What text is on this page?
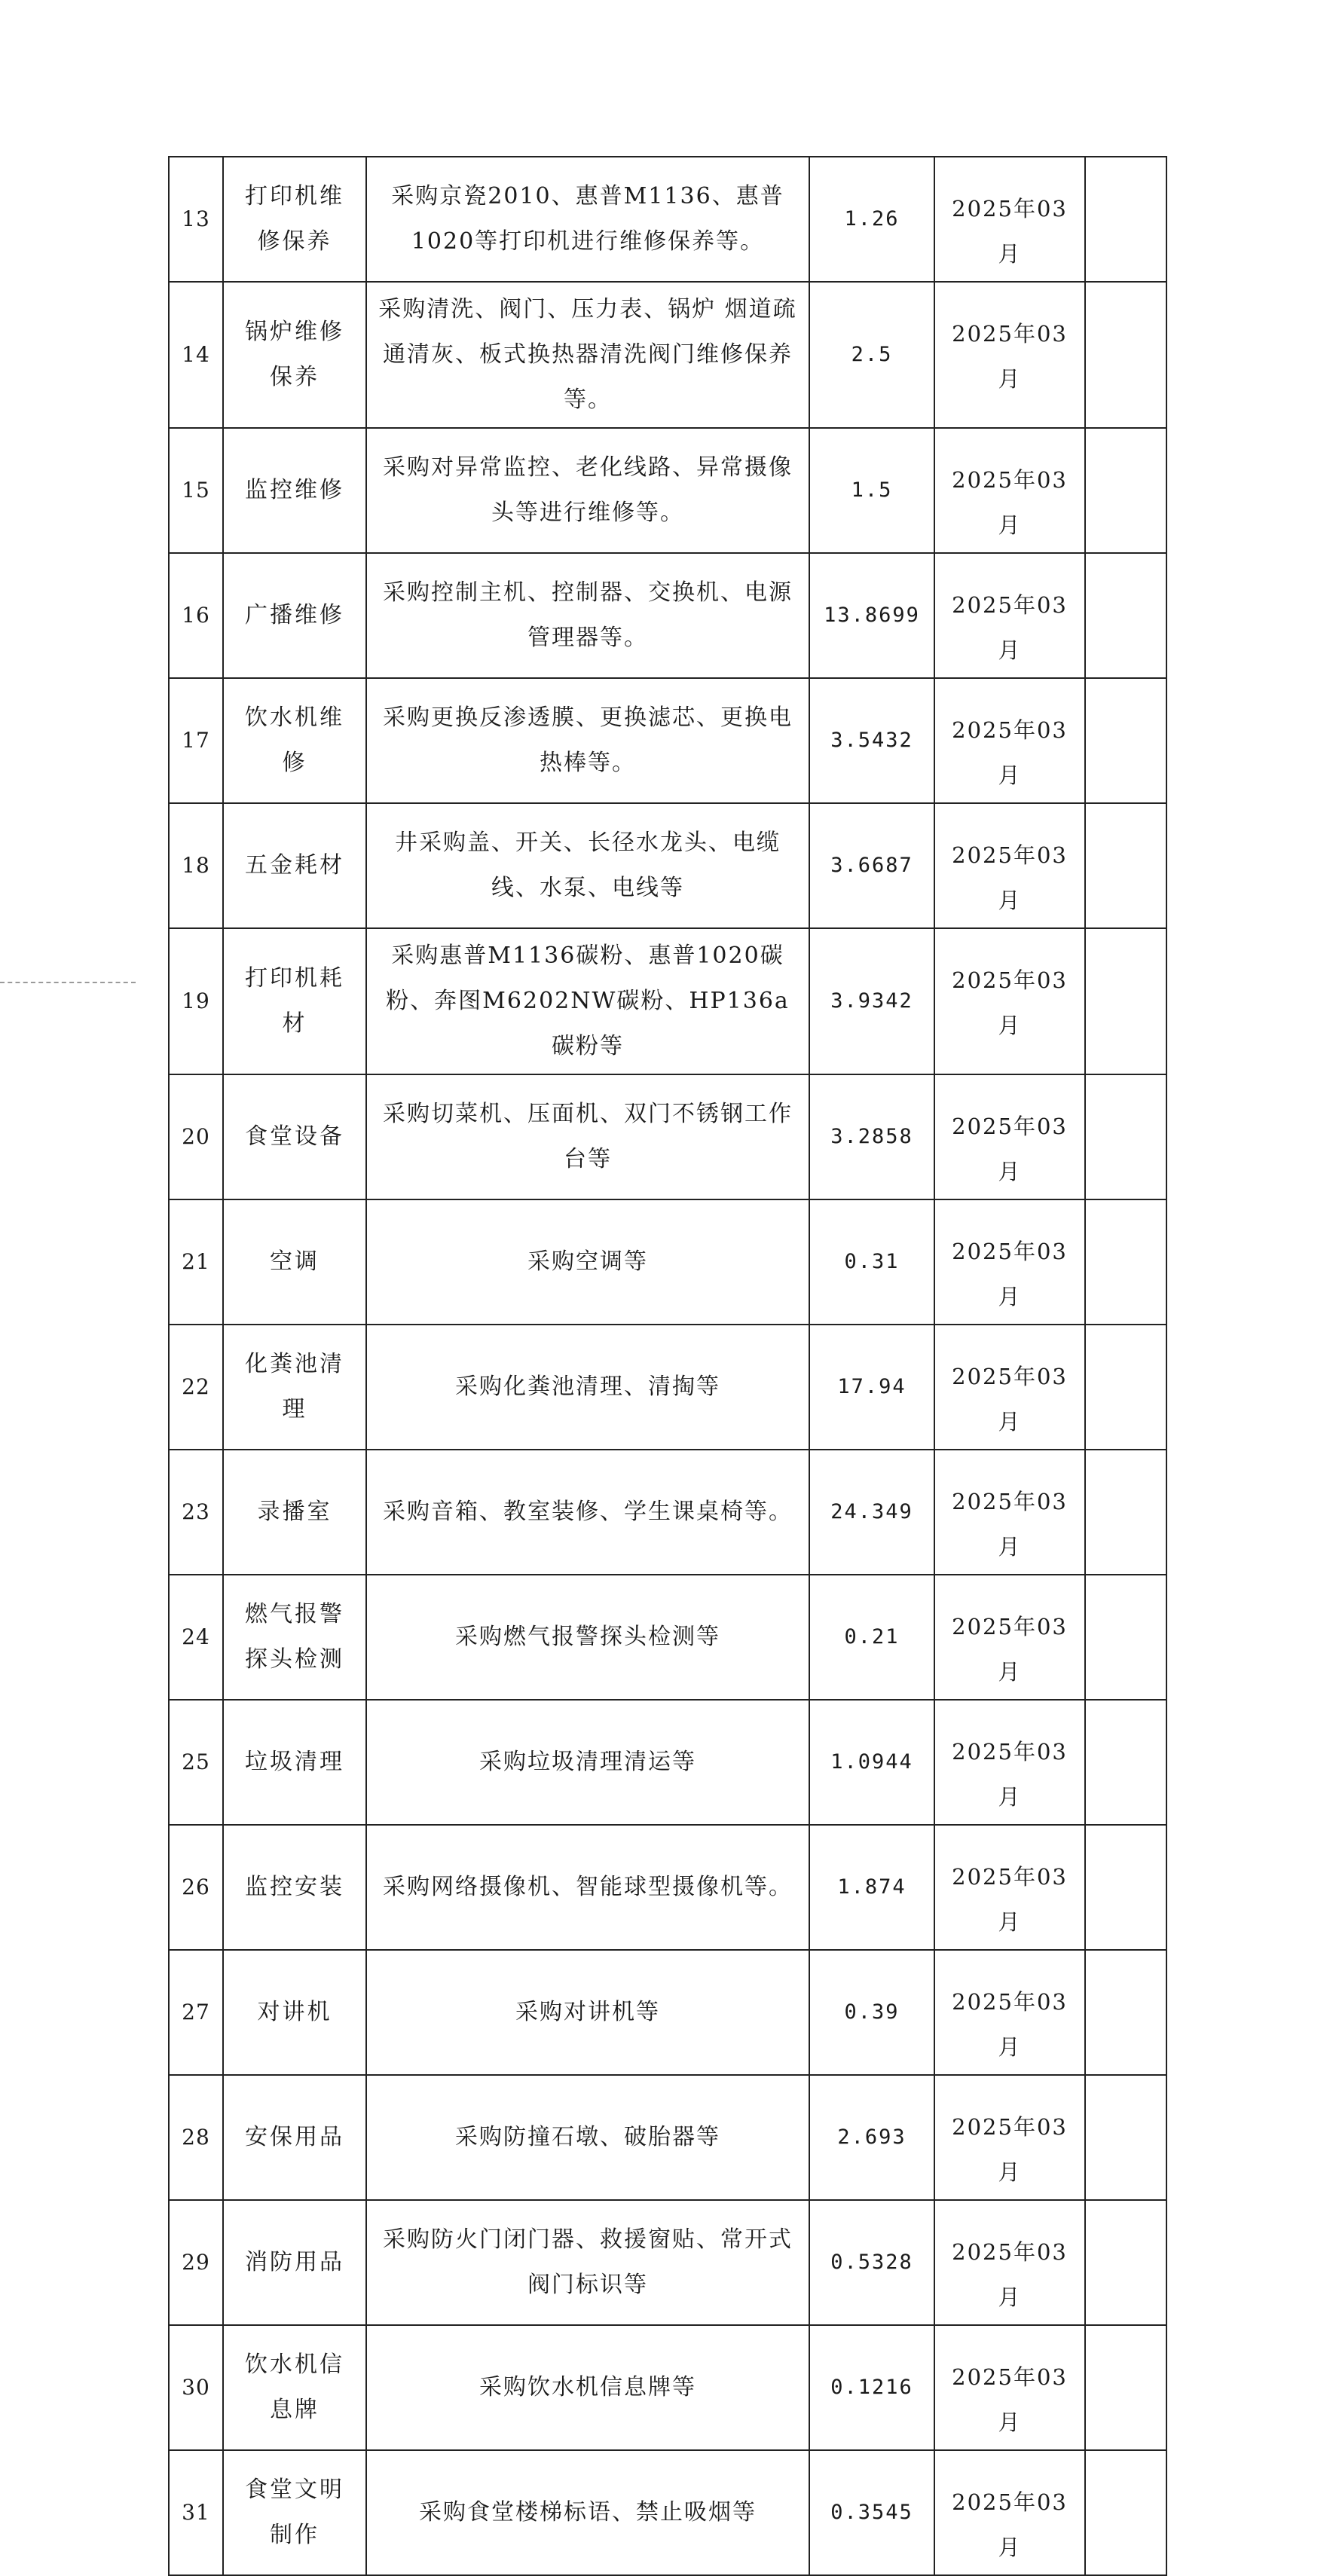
13	打印机维修保养	采购京瓷2010、惠普M1136、惠普1020等打印机进行维修保养等。	1.26	2025年03月	
14	锅炉维修保养	采购清洗、阀门、压力表、锅炉 烟道疏通清灰、板式换热器清洗阀门维修保养等。	2.5	2025年03月	
15	监控维修	采购对异常监控、老化线路、异常摄像头等进行维修等。	1.5	2025年03月	
16	广播维修	采购控制主机、控制器、交换机、电源管理器等。	13.8699	2025年03月	
17	饮水机维修	采购更换反渗透膜、更换滤芯、更换电热棒等。	3.5432	2025年03月	
18	五金耗材	井采购盖、开关、长径水龙头、电缆线、水泵、电线等	3.6687	2025年03月	
19	打印机耗材	采购惠普M1136碳粉、惠普1020碳粉、奔图M6202NW碳粉、HP136a碳粉等	3.9342	2025年03月	
20	食堂设备	采购切菜机、压面机、双门不锈钢工作台等	3.2858	2025年03月	
21	空调	采购空调等	0.31	2025年03月	
22	化粪池清理	采购化粪池清理、清掏等	17.94	2025年03月	
23	录播室	采购音箱、教室装修、学生课桌椅等。	24.349	2025年03月	
24	燃气报警探头检测	采购燃气报警探头检测等	0.21	2025年03月	
25	垃圾清理	采购垃圾清理清运等	1.0944	2025年03月	
26	监控安装	采购网络摄像机、智能球型摄像机等。	1.874	2025年03月	
27	对讲机	采购对讲机等	0.39	2025年03月	
28	安保用品	采购防撞石墩、破胎器等	2.693	2025年03月	
29	消防用品	采购防火门闭门器、救援窗贴、常开式阀门标识等	0.5328	2025年03月	
30	饮水机信息牌	采购饮水机信息牌等	0.1216	2025年03月	
31	食堂文明制作	采购食堂楼梯标语、禁止吸烟等	0.3545	2025年03月	
